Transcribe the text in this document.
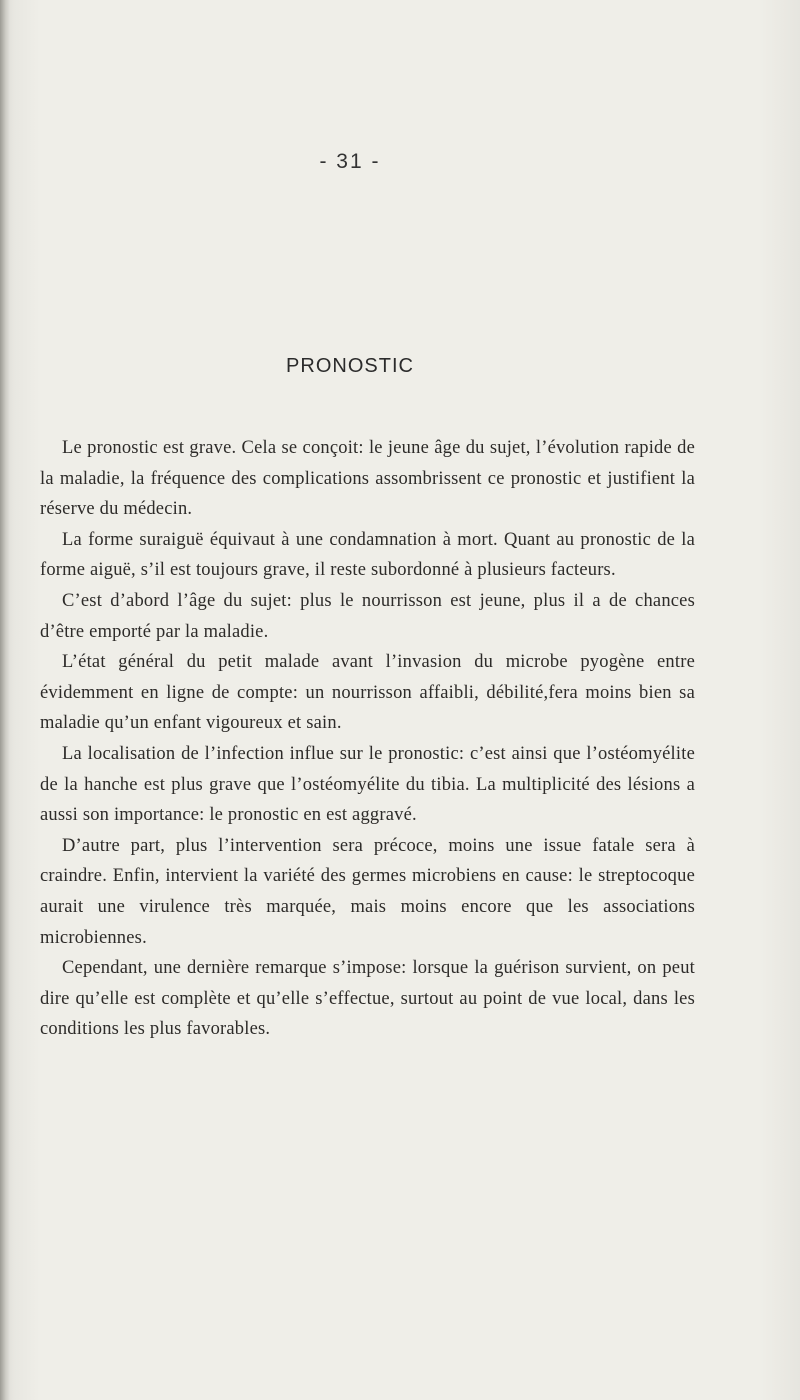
- 31 -
PRONOSTIC

Le pronostic est grave. Cela se conçoit: le jeune âge du sujet, l’évolution rapide de la maladie, la fréquence des complications assombrissent ce pronostic et justifient la réserve du médecin.

La forme suraiguë équivaut à une condamnation à mort. Quant au pronostic de la forme aiguë, s’il est toujours grave, il reste subordonné à plusieurs facteurs.

C’est d’abord l’âge du sujet: plus le nourrisson est jeune, plus il a de chances d’être emporté par la maladie.

L’état général du petit malade avant l’invasion du microbe pyogène entre évidemment en ligne de compte: un nourrisson affaibli, débilité,fera moins bien sa maladie qu’un enfant vigoureux et sain.

La localisation de l’infection influe sur le pronostic: c’est ainsi que l’ostéomyélite de la hanche est plus grave que l’ostéomyélite du tibia. La multiplicité des lésions a aussi son importance: le pronostic en est aggravé.

D’autre part, plus l’intervention sera précoce, moins une issue fatale sera à craindre. Enfin, intervient la variété des germes microbiens en cause: le streptocoque aurait une virulence très marquée, mais moins encore que les associations microbiennes.

Cependant, une dernière remarque s’impose: lorsque la guérison survient, on peut dire qu’elle est complète et qu’elle s’effectue, surtout au point de vue local, dans les conditions les plus favorables.
